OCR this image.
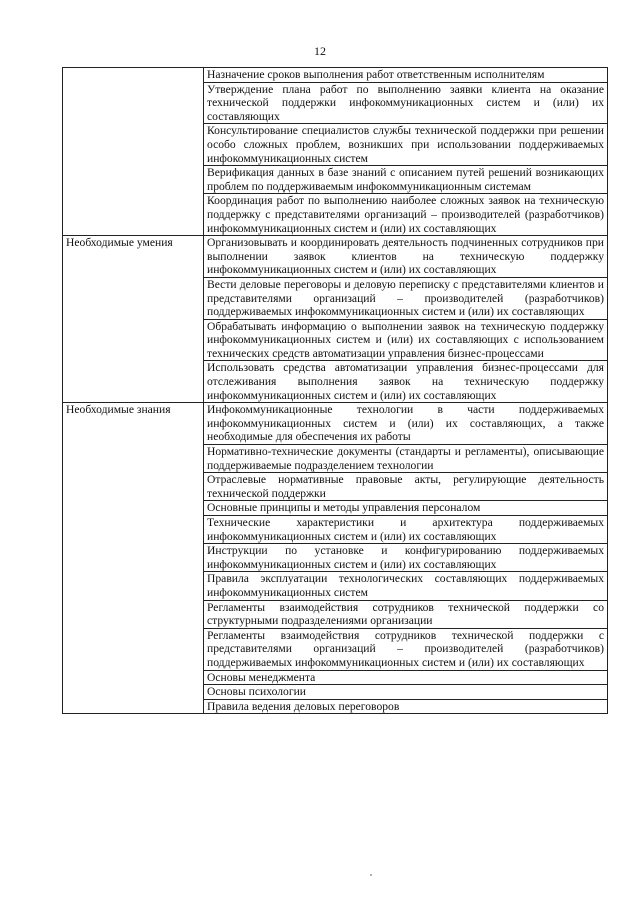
12
	Назначение сроков выполнения работ ответственным исполнителям
	Утверждение плана работ по выполнению заявки клиента на оказание технической поддержки инфокоммуникационных систем и (или) их составляющих
	Консультирование специалистов службы технической поддержки при решении особо сложных проблем, возникших при использовании поддерживаемых инфокоммуникационных систем
	Верификация данных в базе знаний с описанием путей решений возникающих проблем по поддерживаемым инфокоммуникационным системам
	Координация работ по выполнению наиболее сложных заявок на техническую поддержку с представителями организаций – производителей (разработчиков) инфокоммуникационных систем и (или) их составляющих
Необходимые умения	Организовывать и координировать деятельность подчиненных сотрудников при выполнении заявок клиентов на техническую поддержку инфокоммуникационных систем и (или) их составляющих
	Вести деловые переговоры и деловую переписку с представителями клиентов и представителями организаций – производителей (разработчиков) поддерживаемых инфокоммуникационных систем и (или) их составляющих
	Обрабатывать информацию о выполнении заявок на техническую поддержку инфокоммуникационных систем и (или) их составляющих с использованием технических средств автоматизации управления бизнес-процессами
	Использовать средства автоматизации управления бизнес-процессами для отслеживания выполнения заявок на техническую поддержку инфокоммуникационных систем и (или) их составляющих
Необходимые знания	Инфокоммуникационные технологии в части поддерживаемых инфокоммуникационных систем и (или) их составляющих, а также необходимые для обеспечения их работы
	Нормативно-технические документы (стандарты и регламенты), описывающие поддерживаемые подразделением технологии
	Отраслевые нормативные правовые акты, регулирующие деятельность технической поддержки
	Основные принципы и методы управления персоналом
	Технические характеристики и архитектура поддерживаемых инфокоммуникационных систем и (или) их составляющих
	Инструкции по установке и конфигурированию поддерживаемых инфокоммуникационных систем и (или) их составляющих
	Правила эксплуатации технологических составляющих поддерживаемых инфокоммуникационных систем
	Регламенты взаимодействия сотрудников технической поддержки со структурными подразделениями организации
	Регламенты взаимодействия сотрудников технической поддержки с представителями организаций – производителей (разработчиков) поддерживаемых инфокоммуникационных систем и (или) их составляющих
	Основы менеджмента
	Основы психологии
	Правила ведения деловых переговоров
